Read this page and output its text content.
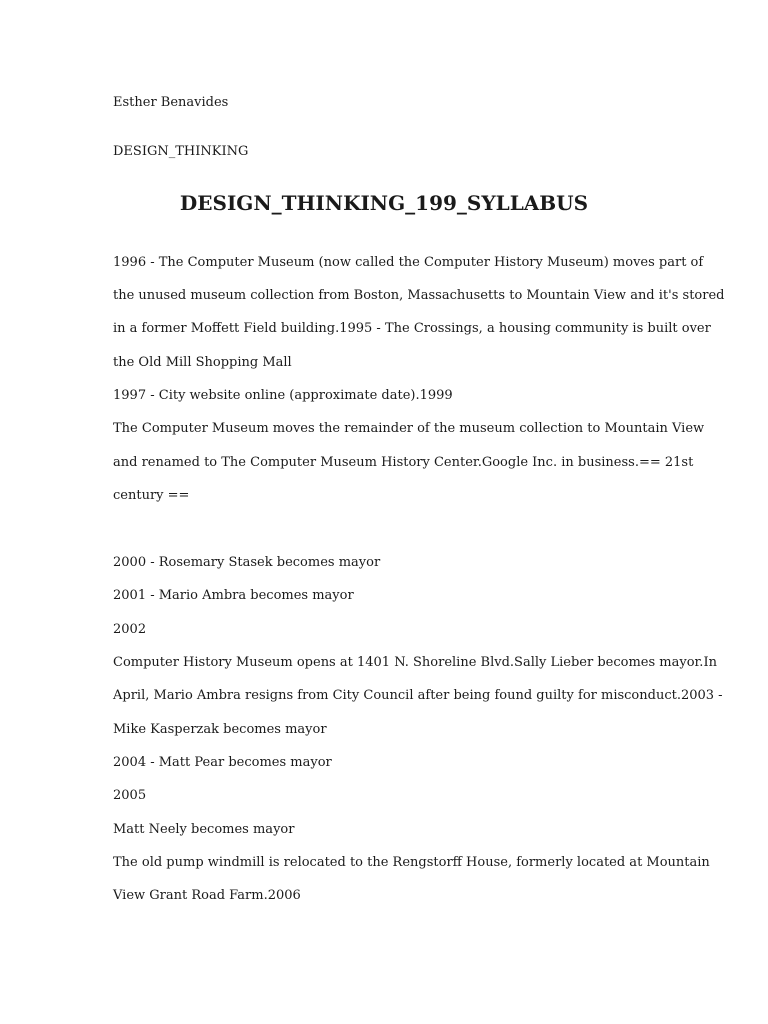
Esther Benavides
DESIGN_THINKING
DESIGN_THINKING_199_SYLLABUS
1996 - The Computer Museum (now called the Computer History Museum) moves part of
the unused museum collection from Boston, Massachusetts to Mountain View and it's stored
in a former Moffett Field building.1995 - The Crossings, a housing community is built over
the Old Mill Shopping Mall
1997 - City website online (approximate date).1999
The Computer Museum moves the remainder of the museum collection to Mountain View
and renamed to The Computer Museum History Center.Google Inc. in business.== 21st
century ==
2000 - Rosemary Stasek becomes mayor
2001 - Mario Ambra becomes mayor
2002
Computer History Museum opens at 1401 N. Shoreline Blvd.Sally Lieber becomes mayor.In
April, Mario Ambra resigns from City Council after being found guilty for misconduct.2003 -
Mike Kasperzak becomes mayor
2004 - Matt Pear becomes mayor
2005
Matt Neely becomes mayor
The old pump windmill is relocated to the Rengstorff House, formerly located at Mountain
View Grant Road Farm.2006
